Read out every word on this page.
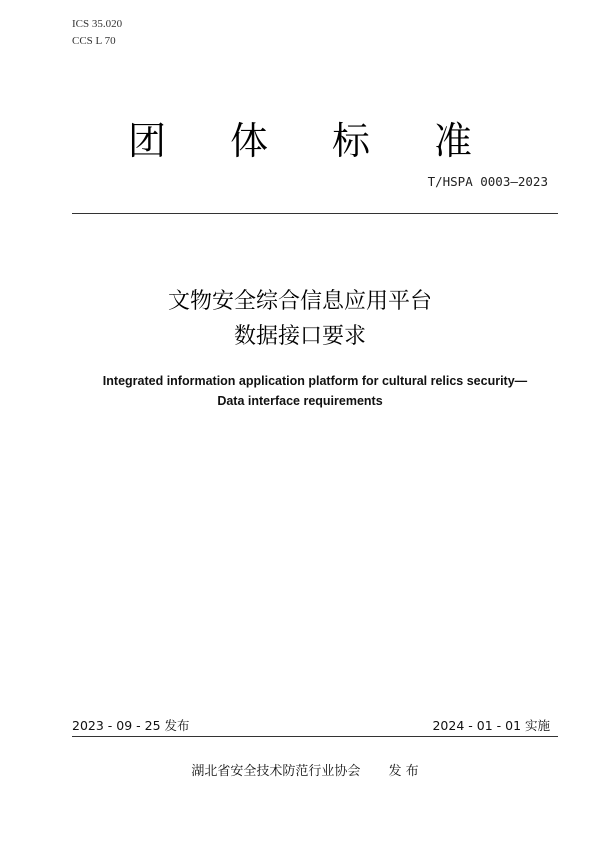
ICS 35.020
CCS L 70
团体标准
T/HSPA 0003—2023
文物安全综合信息应用平台
数据接口要求
Integrated information application platform for cultural relics security—
Data interface requirements
2023 - 09 - 25 发布	2024 - 01 - 01 实施
湖北省安全技术防范行业协会 发 布
